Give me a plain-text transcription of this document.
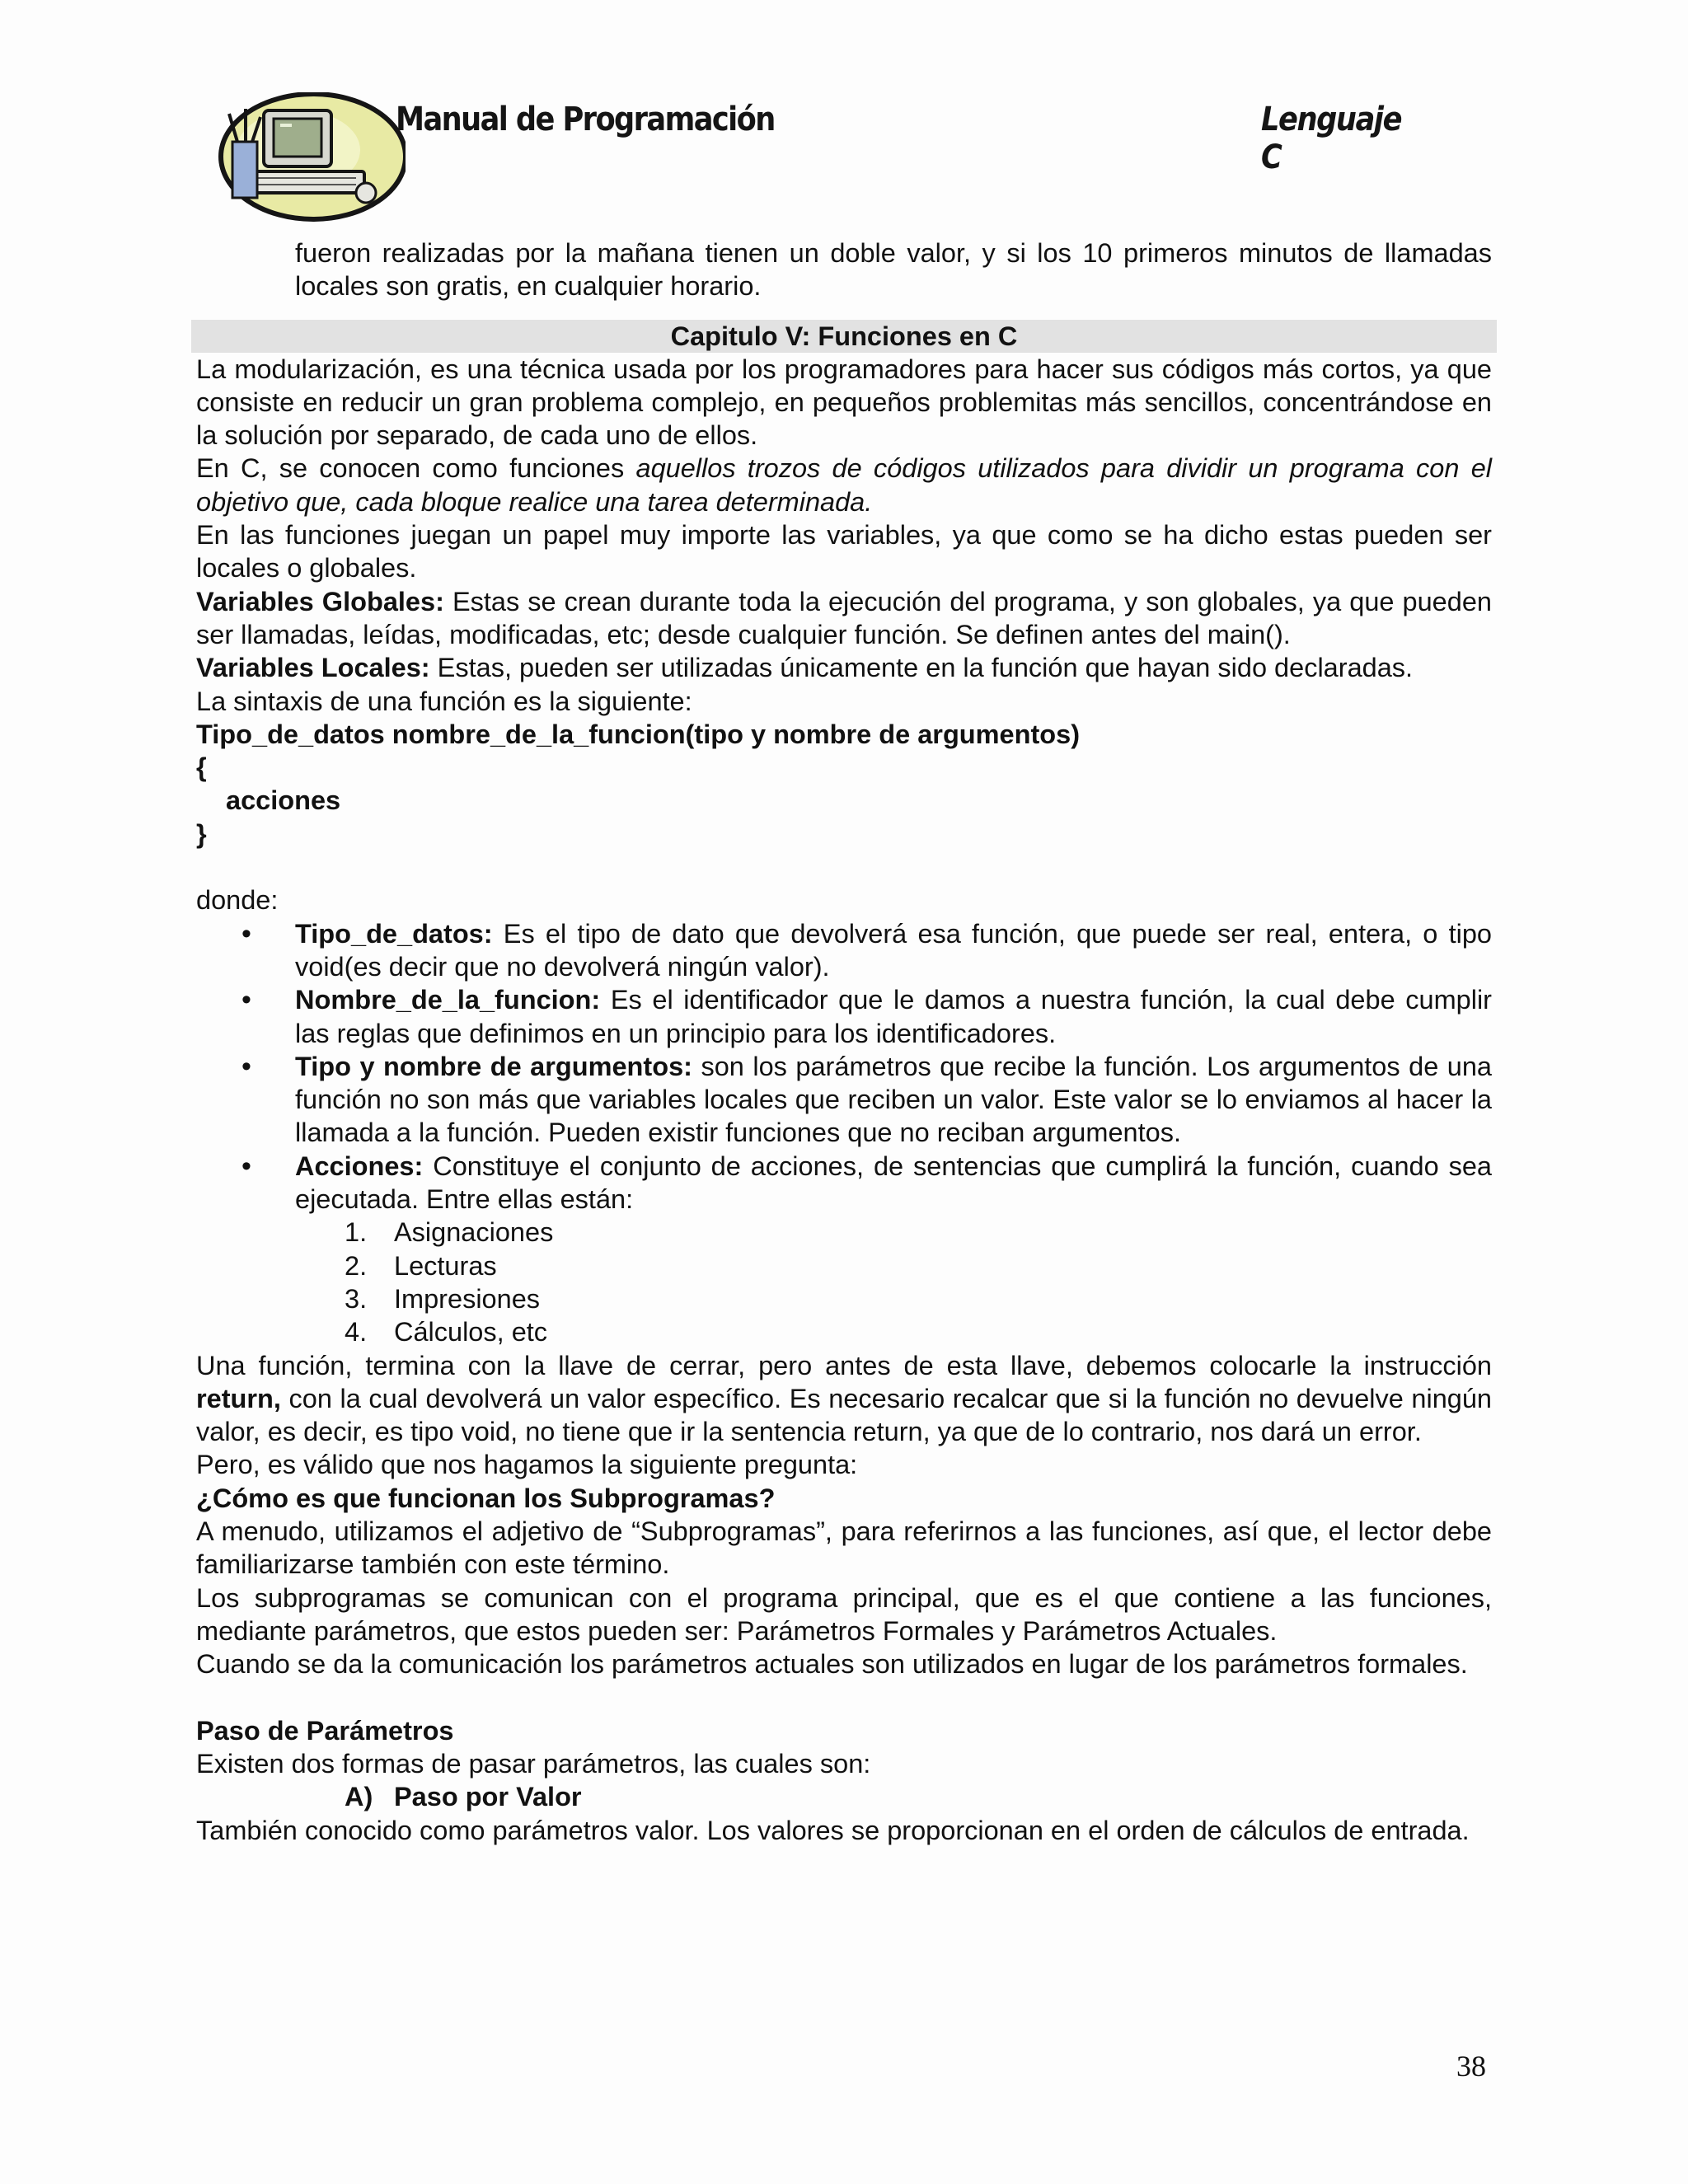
Manual de Programación	Lenguaje C

fueron realizadas por la mañana tienen un doble valor, y si los 10 primeros minutos de llamadas locales son gratis, en cualquier horario.

Capitulo V: Funciones en C

La modularización, es una técnica usada por los programadores para hacer sus códigos más cortos, ya que consiste en reducir un gran problema complejo, en pequeños problemitas más sencillos, concentrándose en la solución por separado, de cada uno de ellos.

En C, se conocen como funciones aquellos trozos de códigos utilizados para dividir un programa con el objetivo que, cada bloque realice una tarea determinada.

En las funciones juegan un papel muy importe las variables, ya que como se ha dicho estas pueden ser locales o globales.

Variables Globales: Estas se crean durante toda la ejecución del programa, y son globales, ya que pueden ser llamadas, leídas, modificadas, etc; desde cualquier función. Se definen antes del main().

Variables Locales: Estas, pueden ser utilizadas únicamente en la función que hayan sido declaradas.

La sintaxis de una función es la siguiente:

Tipo_de_datos nombre_de_la_funcion(tipo y nombre de argumentos)

{

acciones

}

donde:

• Tipo_de_datos: Es el tipo de dato que devolverá esa función, que puede ser real, entera, o tipo void(es decir que no devolverá ningún valor).
• Nombre_de_la_funcion: Es el identificador que le damos a nuestra función, la cual debe cumplir las reglas que definimos en un principio para los identificadores.
• Tipo y nombre de argumentos: son los parámetros que recibe la función. Los argumentos de una función no son más que variables locales que reciben un valor. Este valor se lo enviamos al hacer la llamada a la función. Pueden existir funciones que no reciban argumentos.
• Acciones: Constituye el conjunto de acciones, de sentencias que cumplirá la función, cuando sea ejecutada. Entre ellas están:
1. Asignaciones
2. Lecturas
3. Impresiones
4. Cálculos, etc

Una función, termina con la llave de cerrar, pero antes de esta llave, debemos colocarle la instrucción return, con la cual devolverá un valor específico. Es necesario recalcar que si la función no devuelve ningún valor, es decir, es tipo void, no tiene que ir la sentencia return, ya que de lo contrario, nos dará un error.

Pero, es válido que nos hagamos la siguiente pregunta:

¿Cómo es que funcionan los Subprogramas?

A menudo, utilizamos el adjetivo de “Subprogramas”, para referirnos a las funciones, así que, el lector debe familiarizarse también con este término.

Los subprogramas se comunican con el programa principal, que es el que contiene a las funciones, mediante parámetros, que estos pueden ser: Parámetros Formales y Parámetros Actuales.

Cuando se da la comunicación los parámetros actuales son utilizados en lugar de los parámetros formales.

Paso de Parámetros

Existen dos formas de pasar parámetros, las cuales son:

A) Paso por Valor

También conocido como parámetros valor. Los valores se proporcionan en el orden de cálculos de entrada.

38
